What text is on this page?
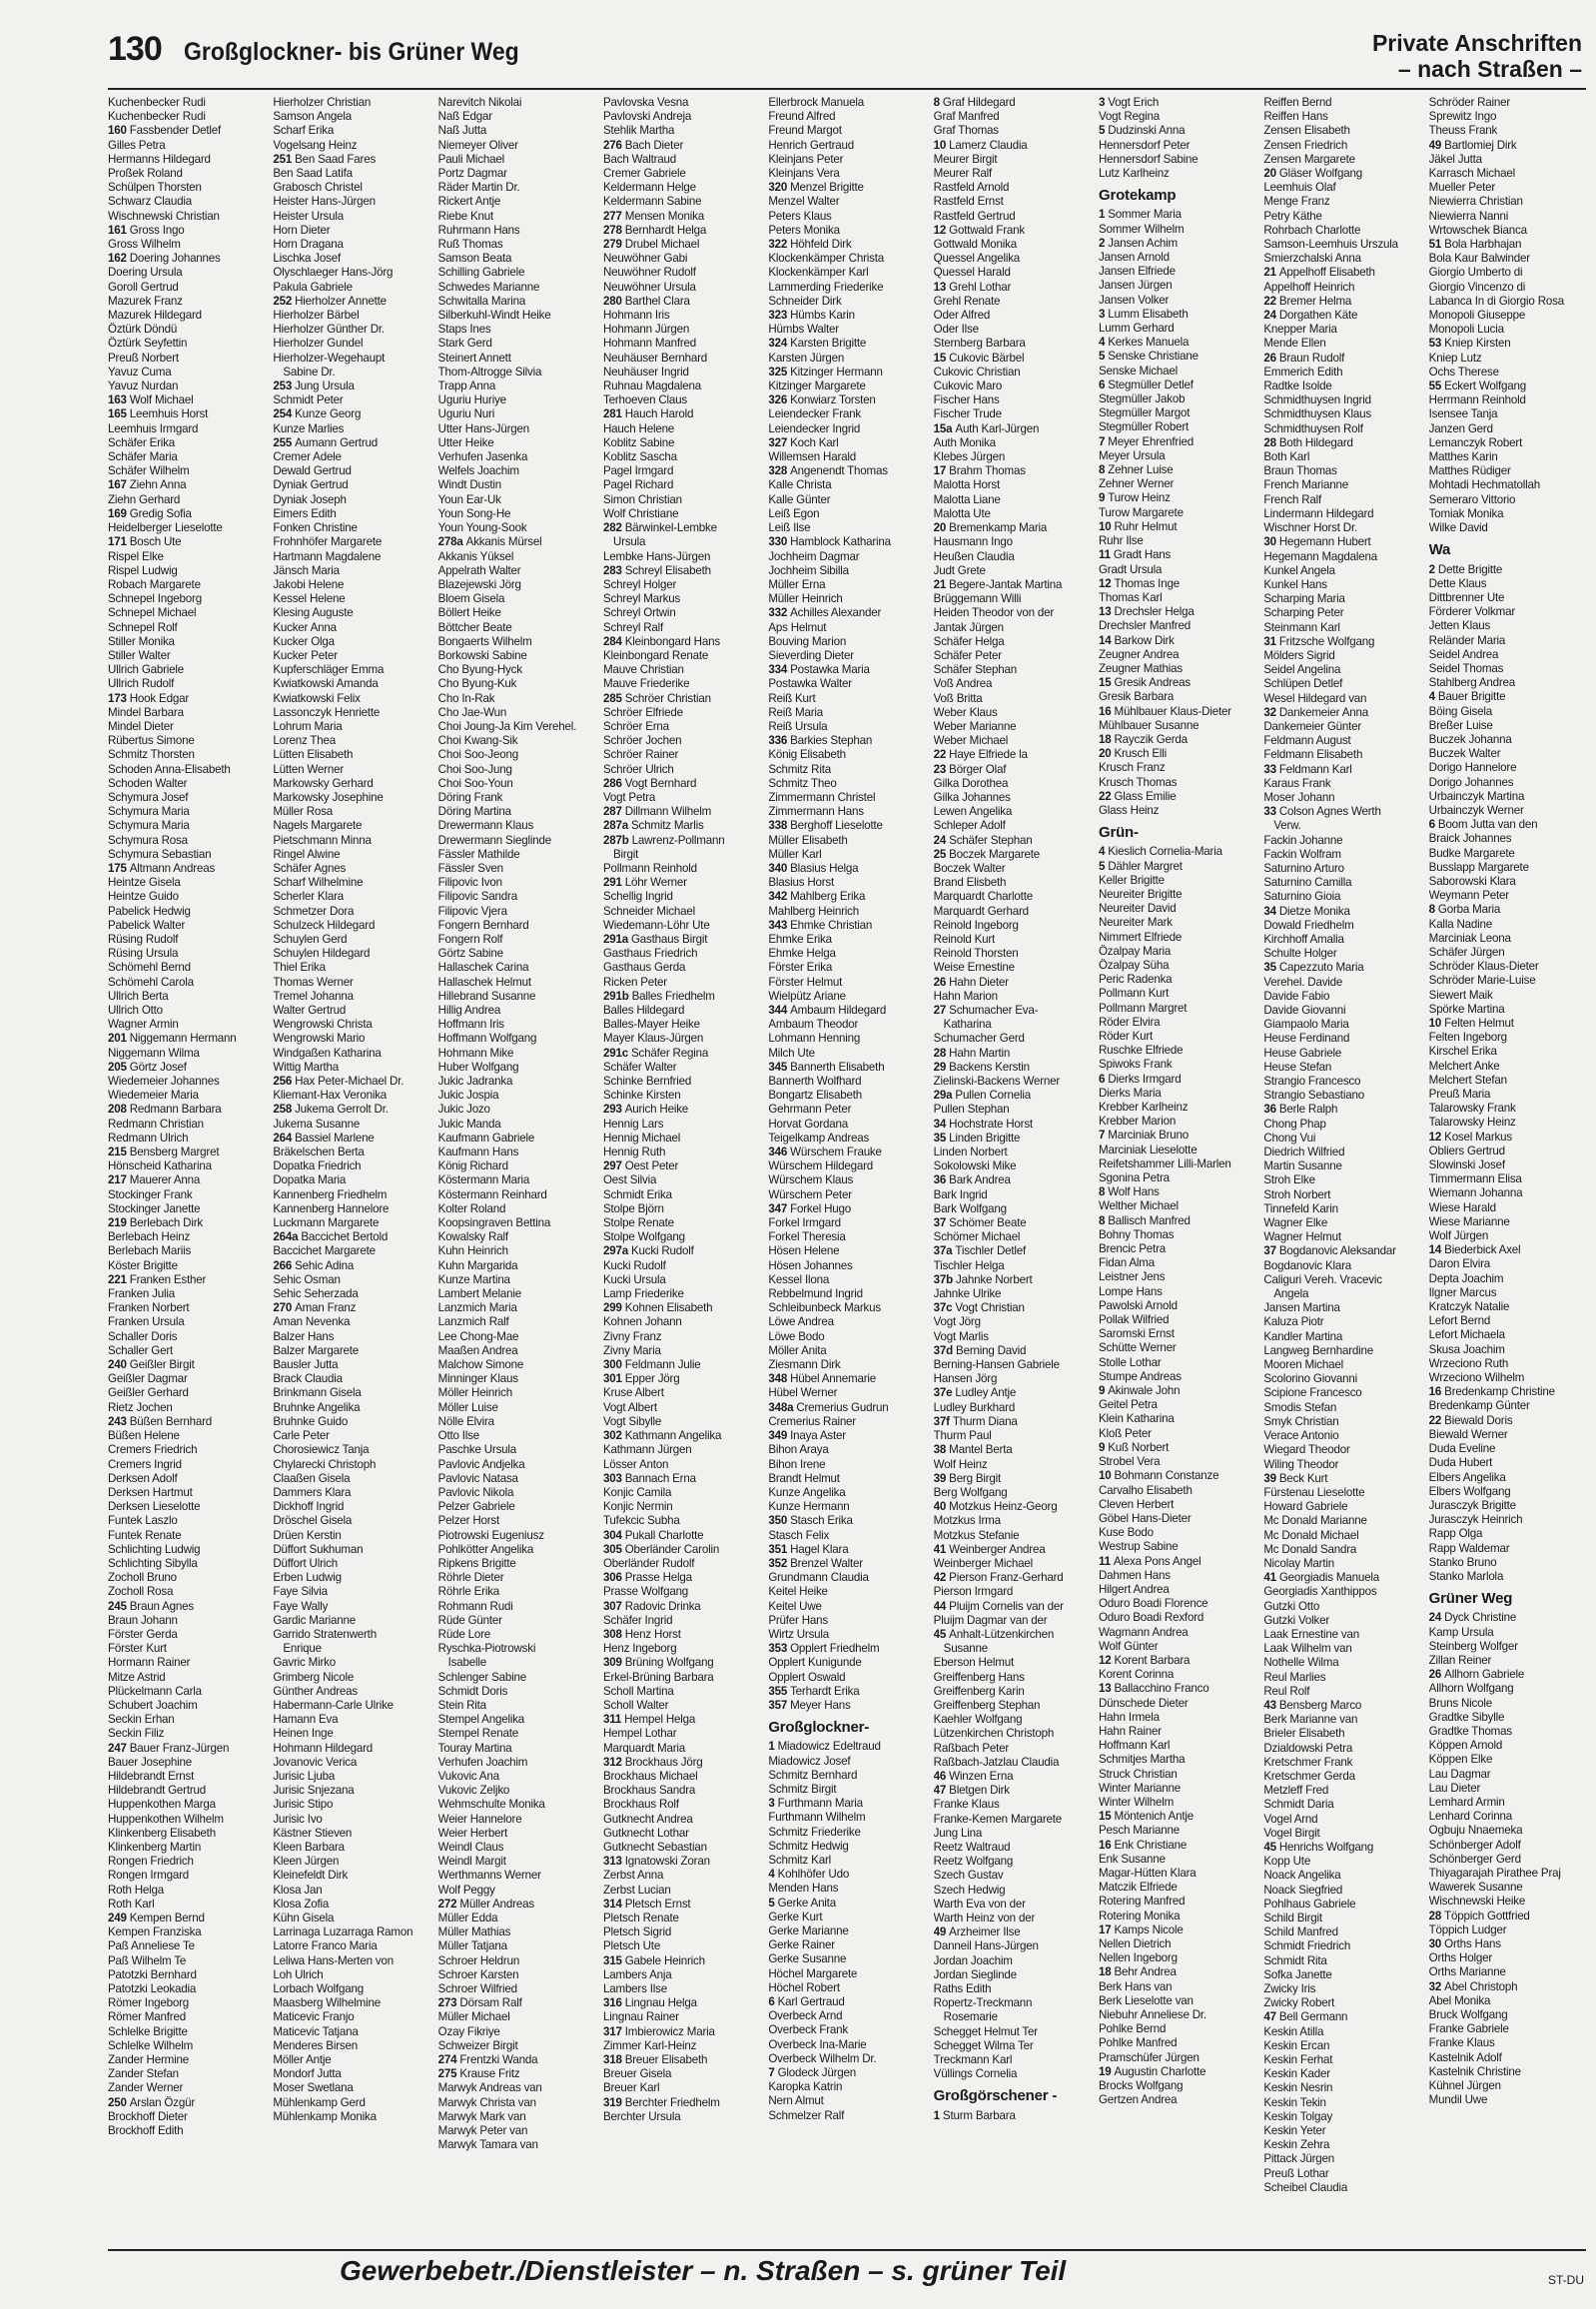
130 Großglockner- bis Grüner Weg	Private Anschriften
– nach Straßen –
Kuchenbecker Rudi
Kuchenbecker Rudi
160 Fassbender Detlef
Gilles Petra
Hermanns Hildegard
Proßek Roland
Schülpen Thorsten
Schwarz Claudia
Wischnewski Christian
161 Gross Ingo
Gross Wilhelm
162 Doering Johannes
Doering Ursula
Goroll Gertrud
Mazurek Franz
Mazurek Hildegard
Öztürk Döndü
Öztürk Seyfettin
Preuß Norbert
Yavuz Cuma
Yavuz Nurdan
163 Wolf Michael
165 Leemhuis Horst
Leemhuis Irmgard
Schäfer Erika
Schäfer Maria
Schäfer Wilhelm
167 Ziehn Anna
Ziehn Gerhard
169 Gredig Sofia
Heidelberger Lieselotte
171 Bosch Ute
Rispel Elke
Rispel Ludwig
Robach Margarete
Schnepel Ingeborg
Schnepel Michael
Schnepel Rolf
Stiller Monika
Stiller Walter
Ullrich Gabriele
Ullrich Rudolf
173 Hook Edgar
Mindel Barbara
Mindel Dieter
Rübertus Simone
Schmitz Thorsten
Schoden Anna-Elisabeth
Schoden Walter
Schymura Josef
Schymura Maria
Schymura Maria
Schymura Rosa
Schymura Sebastian
175 Altmann Andreas
Heintze Gisela
Heintze Guido
Pabelick Hedwig
Pabelick Walter
Rüsing Rudolf
Rüsing Ursula
Schömehl Bernd
Schömehl Carola
Ullrich Berta
Ullrich Otto
Wagner Armin
201 Niggemann Hermann
Niggemann Wilma
205 Görtz Josef
Wiedemeier Johannes
Wiedemeier Maria
208 Redmann Barbara
Redmann Christian
Redmann Ulrich
215 Bensberg Margret
Hönscheid Katharina
217 Mauerer Anna
Stockinger Frank
Stockinger Janette
219 Berlebach Dirk
Berlebach Heinz
Berlebach Mariis
Köster Brigitte
221 Franken Esther
Franken Julia
Franken Norbert
Franken Ursula
Schaller Doris
Schaller Gert
240 Geißler Birgit
Geißler Dagmar
Geißler Gerhard
Rietz Jochen
243 Büßen Bernhard
Büßen Helene
Cremers Friedrich
Cremers Ingrid
Derksen Adolf
Derksen Hartmut
Derksen Lieselotte
Funtek Laszlo
Funtek Renate
Schlichting Ludwig
Schlichting Sibylla
Zocholl Bruno
Zocholl Rosa
245 Braun Agnes
Braun Johann
Förster Gerda
Förster Kurt
Hormann Rainer
Mitze Astrid
Plückelmann Carla
Schubert Joachim
Seckin Erhan
Seckin Filiz
247 Bauer Franz-Jürgen
Bauer Josephine
Hildebrandt Ernst
Hildebrandt Gertrud
Huppenkothen Marga
Huppenkothen Wilhelm
Klinkenberg Elisabeth
Klinkenberg Martin
Rongen Friedrich
Rongen Irmgard
Roth Helga
Roth Karl
249 Kempen Bernd
Kempen Franziska
Paß Anneliese Te
Paß Wilhelm Te
Patotzki Bernhard
Patotzki Leokadia
Römer Ingeborg
Römer Manfred
Schlelke Brigitte
Schlelke Wilhelm
Zander Hermine
Zander Stefan
Zander Werner
250 Arslan Özgür
Brockhoff Dieter
Brockhoff Edith
Hierholzer Christian
Samson Angela
Scharf Erika
Vogelsang Heinz
251 Ben Saad Fares
Ben Saad Latifa
Grabosch Christel
Heister Hans-Jürgen
Heister Ursula
Horn Dieter
Horn Dragana
Lischka Josef
Olyschlaeger Hans-Jörg
Pakula Gabriele
252 Hierholzer Annette
Hierholzer Bärbel
Hierholzer Günther Dr.
Hierholzer Gundel
Hierholzer-Wegehaupt
Sabine Dr.
253 Jung Ursula
Schmidt Peter
254 Kunze Georg
Kunze Marlies
255 Aumann Gertrud
Cremer Adele
Dewald Gertrud
Dyniak Gertrud
Dyniak Joseph
Eimers Edith
Fonken Christine
Frohnhöfer Margarete
Hartmann Magdalene
Jänsch Maria
Jakobi Helene
Kessel Helene
Klesing Auguste
Kucker Anna
Kucker Olga
Kucker Peter
Kupferschläger Emma
Kwiatkowski Amanda
Kwiatkowski Felix
Lassonczyk Henriette
Lohrum Maria
Lorenz Thea
Lütten Elisabeth
Lütten Werner
Markowsky Gerhard
Markowsky Josephine
Müller Rosa
Nagels Margarete
Pietschmann Minna
Ringel Alwine
Schäfer Agnes
Scharf Wilhelmine
Scherler Klara
Schmetzer Dora
Schulzeck Hildegard
Schuylen Gerd
Schuylen Hildegard
Thiel Erika
Thomas Werner
Tremel Johanna
Walter Gertrud
Wengrowski Christa
Wengrowski Mario
Windgaßen Katharina
Wittig Martha
256 Hax Peter-Michael Dr.
Kliemant-Hax Veronika
258 Jukema Gerrolt Dr.
Jukema Susanne
264 Bassiel Marlene
Bräkelschen Berta
Dopatka Friedrich
Dopatka Maria
Kannenberg Friedhelm
Kannenberg Hannelore
Luckmann Margarete
264a Baccichet Bertold
Baccichet Margarete
266 Sehic Adina
Sehic Osman
Sehic Seherzada
270 Aman Franz
Aman Nevenka
Balzer Hans
Balzer Margarete
Bausler Jutta
Brack Claudia
Brinkmann Gisela
Bruhnke Angelika
Bruhnke Guido
Carle Peter
Chorosiewicz Tanja
Chylarecki Christoph
Claaßen Gisela
Dammers Klara
Dickhoff Ingrid
Dröschel Gisela
Drüen Kerstin
Düffort Sukhuman
Düffort Ulrich
Erben Ludwig
Faye Silvia
Faye Wally
Gardic Marianne
Garrido Stratenwerth
Enrique
Gavric Mirko
Grimberg Nicole
Günther Andreas
Habermann-Carle Ulrike
Hamann Eva
Heinen Inge
Hohmann Hildegard
Jovanovic Verica
Jurisic Ljuba
Jurisic Snjezana
Jurisic Stipo
Jurisic Ivo
Kästner Stieven
Kleen Barbara
Kleen Jürgen
Kleinefeldt Dirk
Klosa Jan
Klosa Zofia
Kühn Gisela
Larrinaga Luzarraga Ramon
Latorre Franco Maria
Leliwa Hans-Merten von
Loh Ulrich
Lorbach Wolfgang
Maasberg Wilhelmine
Maticevic Franjo
Maticevic Tatjana
Menderes Birsen
Möller Antje
Mondorf Jutta
Moser Swetlana
Mühlenkamp Gerd
Mühlenkamp Monika
Narevitch Nikolai
Naß Edgar
Naß Jutta
Niemeyer Oliver
Pauli Michael
Portz Dagmar
Räder Martin Dr.
Rickert Antje
Riebe Knut
Ruhrmann Hans
Ruß Thomas
Samson Beata
Schilling Gabriele
Schwedes Marianne
Schwitalla Marina
Silberkuhl-Windt Heike
Staps Ines
Stark Gerd
Steinert Annett
Thom-Altrogge Silvia
Trapp Anna
Uguriu Huriye
Uguriu Nuri
Utter Hans-Jürgen
Utter Heike
Verhufen Jasenka
Welfels Joachim
Windt Dustin
Youn Ear-Uk
Youn Song-He
Youn Young-Sook
278a Akkanis Mürsel
Akkanis Yüksel
Appelrath Walter
Blazejewski Jörg
Bloem Gisela
Böllert Heike
Böttcher Beate
Bongaerts Wilhelm
Borkowski Sabine
Cho Byung-Hyck
Cho Byung-Kuk
Cho In-Rak
Cho Jae-Wun
Choi Joung-Ja Kim Verehel.
Choi Kwang-Sik
Choi Soo-Jeong
Choi Soo-Jung
Choi Soo-Youn
Döring Frank
Döring Martina
Drewermann Klaus
Drewermann Sieglinde
Fässler Mathilde
Fässler Sven
Filipovic Ivon
Filipovic Sandra
Filipovic Vjera
Fongern Bernhard
Fongern Rolf
Görtz Sabine
Hallaschek Carina
Hallaschek Helmut
Hillebrand Susanne
Hillig Andrea
Hoffmann Iris
Hoffmann Wolfgang
Hohmann Mike
Huber Wolfgang
Jukic Jadranka
Jukic Jospia
Jukic Jozo
Jukic Manda
Kaufmann Gabriele
Kaufmann Hans
König Richard
Köstermann Maria
Köstermann Reinhard
Kolter Roland
Koopsingraven Bettina
Kowalsky Ralf
Kuhn Heinrich
Kuhn Margarida
Kunze Martina
Lambert Melanie
Lanzmich Maria
Lanzmich Ralf
Lee Chong-Mae
Maaßen Andrea
Malchow Simone
Minninger Klaus
Möller Heinrich
Möller Luise
Nölle Elvira
Otto Ilse
Paschke Ursula
Pavlovic Andjelka
Pavlovic Natasa
Pavlovic Nikola
Pelzer Gabriele
Pelzer Horst
Piotrowski Eugeniusz
Pohlkötter Angelika
Ripkens Brigitte
Röhrle Dieter
Röhrle Erika
Rohmann Rudi
Rüde Günter
Rüde Lore
Ryschka-Piotrowski
Isabelle
Schlenger Sabine
Schmidt Doris
Stein Rita
Stempel Angelika
Stempel Renate
Touray Martina
Verhufen Joachim
Vukovic Ana
Vukovic Zeljko
Wehmschulte Monika
Weier Hannelore
Weier Herbert
Weindl Claus
Weindl Margit
Werthmanns Werner
Wolf Peggy
272 Müller Andreas
Müller Edda
Müller Mathias
Müller Tatjana
Schroer Heldrun
Schroer Karsten
Schroer Wilfried
273 Dörsam Ralf
Müller Michael
Ozay Fikriye
Schweizer Birgit
274 Frentzki Wanda
275 Krause Fritz
Marwyk Andreas van
Marwyk Christa van
Marwyk Mark van
Marwyk Peter van
Marwyk Tamara van
Pavlovska Vesna
Pavlovski Andreja
Stehlik Martha
276 Bach Dieter
Bach Waltraud
Cremer Gabriele
Keldermann Helge
Keldermann Sabine
277 Mensen Monika
278 Bernhardt Helga
279 Drubel Michael
Neuwöhner Gabi
Neuwöhner Rudolf
Neuwöhner Ursula
280 Barthel Clara
Hohmann Iris
Hohmann Jürgen
Hohmann Manfred
Neuhäuser Bernhard
Neuhäuser Ingrid
Ruhnau Magdalena
Terhoeven Claus
281 Hauch Harold
Hauch Helene
Koblitz Sabine
Koblitz Sascha
Pagel Irmgard
Pagel Richard
Simon Christian
Wolf Christiane
282 Bärwinkel-Lembke
Ursula
Lembke Hans-Jürgen
283 Schreyl Elisabeth
Schreyl Holger
Schreyl Markus
Schreyl Ortwin
Schreyl Ralf
284 Kleinbongard Hans
Kleinbongard Renate
Mauve Christian
Mauve Friederike
285 Schröer Christian
Schröer Elfriede
Schröer Erna
Schröer Jochen
Schröer Rainer
Schröer Ulrich
286 Vogt Bernhard
Vogt Petra
287 Dillmann Wilhelm
287a Schmitz Marlis
287b Lawrenz-Pollmann
Birgit
Pollmann Reinhold
291 Löhr Werner
Schellig Ingrid
Schneider Michael
Wiedemann-Löhr Ute
291a Gasthaus Birgit
Gasthaus Friedrich
Gasthaus Gerda
Ricken Peter
291b Balles Friedhelm
Balles Hildegard
Balles-Mayer Heike
Mayer Klaus-Jürgen
291c Schäfer Regina
Schäfer Walter
Schinke Bernfried
Schinke Kirsten
293 Aurich Heike
Hennig Lars
Hennig Michael
Hennig Ruth
297 Oest Peter
Oest Silvia
Schmidt Erika
Stolpe Björn
Stolpe Renate
Stolpe Wolfgang
297a Kucki Rudolf
Kucki Rudolf
Kucki Ursula
Lamp Friederike
299 Kohnen Elisabeth
Kohnen Johann
Zivny Franz
Zivny Maria
300 Feldmann Julie
301 Epper Jörg
Kruse Albert
Vogt Albert
Vogt Sibylle
302 Kathmann Angelika
Kathmann Jürgen
Lösser Anton
303 Bannach Erna
Konjic Camila
Konjic Nermin
Tufekcic Subha
304 Pukall Charlotte
305 Oberländer Carolin
Oberländer Rudolf
306 Prasse Helga
Prasse Wolfgang
307 Radovic Drinka
Schäfer Ingrid
308 Henz Horst
Henz Ingeborg
309 Brüning Wolfgang
Erkel-Brüning Barbara
Scholl Martina
Scholl Walter
311 Hempel Helga
Hempel Lothar
Marquardt Maria
312 Brockhaus Jörg
Brockhaus Michael
Brockhaus Sandra
Brockhaus Rolf
Gutknecht Andrea
Gutknecht Lothar
Gutknecht Sebastian
313 Ignatowski Zoran
Zerbst Anna
Zerbst Lucian
314 Pletsch Ernst
Pletsch Renate
Pletsch Sigrid
Pletsch Ute
315 Gabele Heinrich
Lambers Anja
Lambers Ilse
316 Lingnau Helga
Lingnau Rainer
317 Imbierowicz Maria
Zimmer Karl-Heinz
318 Breuer Elisabeth
Breuer Gisela
Breuer Karl
319 Berchter Friedhelm
Berchter Ursula
Ellerbrock Manuela
Freund Alfred
Freund Margot
Henrich Gertraud
Kleinjans Peter
Kleinjans Vera
320 Menzel Brigitte
Menzel Walter
Peters Klaus
Peters Monika
322 Höhfeld Dirk
Klockenkämper Christa
Klockenkämper Karl
Lammerding Friederike
Schneider Dirk
323 Hümbs Karin
Hümbs Walter
324 Karsten Brigitte
Karsten Jürgen
325 Kitzinger Hermann
Kitzinger Margarete
326 Konwiarz Torsten
Leiendecker Frank
Leiendecker Ingrid
327 Koch Karl
Willemsen Harald
328 Angenendt Thomas
Kalle Christa
Kalle Günter
Leiß Egon
Leiß Ilse
330 Hamblock Katharina
Jochheim Dagmar
Jochheim Sibilla
Müller Erna
Müller Heinrich
332 Achilles Alexander
Aps Helmut
Bouving Marion
Sieverding Dieter
334 Postawka Maria
Postawka Walter
Reiß Kurt
Reiß Maria
Reiß Ursula
336 Barkies Stephan
König Elisabeth
Schmitz Rita
Schmitz Theo
Zimmermann Christel
Zimmermann Hans
338 Berghoff Lieselotte
Müller Elisabeth
Müller Karl
340 Blasius Helga
Blasius Horst
342 Mahlberg Erika
Mahlberg Heinrich
343 Ehmke Christian
Ehmke Erika
Ehmke Helga
Förster Erika
Förster Helmut
Wielpütz Ariane
344 Ambaum Hildegard
Ambaum Theodor
Lohmann Henning
Milch Ute
345 Bannerth Elisabeth
Bannerth Wolfhard
Bongartz Elisabeth
Gehrmann Peter
Horvat Gordana
Teigelkamp Andreas
346 Würschem Frauke
Würschem Hildegard
Würschem Klaus
Würschem Peter
347 Forkel Hugo
Forkel Irmgard
Forkel Theresia
Hösen Helene
Hösen Johannes
Kessel Ilona
Rebbelmund Ingrid
Schleibunbeck Markus
Löwe Andrea
Löwe Bodo
Möller Anita
Ziesmann Dirk
348 Hübel Annemarie
Hübel Werner
348a Cremerius Gudrun
Cremerius Rainer
349 Inaya Aster
Bihon Araya
Bihon Irene
Brandt Helmut
Kunze Angelika
Kunze Hermann
350 Stasch Erika
Stasch Felix
351 Hagel Klara
352 Brenzel Walter
Grundmann Claudia
Keitel Heike
Keitel Uwe
Prüfer Hans
Wirtz Ursula
353 Opplert Friedhelm
Opplert Kunigunde
Opplert Oswald
355 Terhardt Erika
357 Meyer Hans
Großglockner-
1 Miadowicz Edeltraud
Miadowicz Josef
Schmitz Bernhard
Schmitz Birgit
3 Furthmann Maria
Furthmann Wilhelm
Schmitz Friederike
Schmitz Hedwig
Schmitz Karl
4 Kohlhöfer Udo
Menden Hans
5 Gerke Anita
Gerke Kurt
Gerke Marianne
Gerke Rainer
Gerke Susanne
Höchel Margarete
Höchel Robert
6 Karl Gertraud
Overbeck Arnd
Overbeck Frank
Overbeck Ina-Marie
Overbeck Wilhelm Dr.
7 Glodeck Jürgen
Karopka Katrin
Nern Almut
Schmelzer Ralf
8 Graf Hildegard
Graf Manfred
Graf Thomas
10 Lamerz Claudia
Meurer Birgit
Meurer Ralf
Rastfeld Arnold
Rastfeld Ernst
Rastfeld Gertrud
12 Gottwald Frank
Gottwald Monika
Quessel Angelika
Quessel Harald
13 Grehl Lothar
Grehl Renate
Oder Alfred
Oder Ilse
Sternberg Barbara
15 Cukovic Bärbel
Cukovic Christian
Cukovic Maro
Fischer Hans
Fischer Trude
15a Auth Karl-Jürgen
Auth Monika
Klebes Jürgen
17 Brahm Thomas
Malotta Horst
Malotta Liane
Malotta Ute
20 Bremenkamp Maria
Hausmann Ingo
Heußen Claudia
Judt Grete
21 Begere-Jantak Martina
Brüggemann Willi
Heiden Theodor von der
Jantak Jürgen
Schäfer Helga
Schäfer Peter
Schäfer Stephan
Voß Andrea
Voß Britta
Weber Klaus
Weber Marianne
Weber Michael
22 Haye Elfriede la
23 Börger Olaf
Gilka Dorothea
Gilka Johannes
Lewen Angelika
Schleper Adolf
24 Schäfer Stephan
25 Boczek Margarete
Boczek Walter
Brand Elisbeth
Marquardt Charlotte
Marquardt Gerhard
Reinold Ingeborg
Reinold Kurt
Reinold Thorsten
Weise Ernestine
26 Hahn Dieter
Hahn Marion
27 Schumacher Eva-
Katharina
Schumacher Gerd
28 Hahn Martin
29 Backens Kerstin
Zielinski-Backens Werner
29a Pullen Cornelia
Pullen Stephan
34 Hochstrate Horst
35 Linden Brigitte
Linden Norbert
Sokolowski Mike
36 Bark Andrea
Bark Ingrid
Bark Wolfgang
37 Schömer Beate
Schömer Michael
37a Tischler Detlef
Tischler Helga
37b Jahnke Norbert
Jahnke Ulrike
37c Vogt Christian
Vogt Jörg
Vogt Marlis
37d Berning David
Berning-Hansen Gabriele
Hansen Jörg
37e Ludley Antje
Ludley Burkhard
37f Thurm Diana
Thurm Paul
38 Mantel Berta
Wolf Heinz
39 Berg Birgit
Berg Wolfgang
40 Motzkus Heinz-Georg
Motzkus Irma
Motzkus Stefanie
41 Weinberger Andrea
Weinberger Michael
42 Pierson Franz-Gerhard
Pierson Irmgard
44 Pluijm Cornelis van der
Pluijm Dagmar van der
45 Anhalt-Lützenkirchen
Susanne
Eberson Helmut
Greiffenberg Hans
Greiffenberg Karin
Greiffenberg Stephan
Kaehler Wolfgang
Lützenkirchen Christoph
Raßbach Peter
Raßbach-Jatzlau Claudia
46 Winzen Erna
47 Bletgen Dirk
Franke Klaus
Franke-Kemen Margarete
Jung Lina
Reetz Waltraud
Reetz Wolfgang
Szech Gustav
Szech Hedwig
Warth Eva von der
Warth Heinz von der
49 Arzheimer Ilse
Danneil Hans-Jürgen
Jordan Joachim
Jordan Sieglinde
Raths Edith
Ropertz-Treckmann
Rosemarie
Schegget Helmut Ter
Schegget Wilma Ter
Treckmann Karl
Vüllings Cornelia
Großgörschener -
1 Sturm Barbara
3 Vogt Erich
Vogt Regina
5 Dudzinski Anna
Hennersdorf Peter
Hennersdorf Sabine
Lutz Karlheinz
Grotekamp
1 Sommer Maria
Sommer Wilhelm
2 Jansen Achim
Jansen Arnold
Jansen Elfriede
Jansen Jürgen
Jansen Volker
3 Lumm Elisabeth
Lumm Gerhard
4 Kerkes Manuela
5 Senske Christiane
Senske Michael
6 Stegmüller Detlef
Stegmüller Jakob
Stegmüller Margot
Stegmüller Robert
7 Meyer Ehrenfried
Meyer Ursula
8 Zehner Luise
Zehner Werner
9 Turow Heinz
Turow Margarete
10 Ruhr Helmut
Ruhr Ilse
11 Gradt Hans
Gradt Ursula
12 Thomas Inge
Thomas Karl
13 Drechsler Helga
Drechsler Manfred
14 Barkow Dirk
Zeugner Andrea
Zeugner Mathias
15 Gresik Andreas
Gresik Barbara
16 Mühlbauer Klaus-Dieter
Mühlbauer Susanne
18 Rayczik Gerda
20 Krusch Elli
Krusch Franz
Krusch Thomas
22 Glass Emilie
Glass Heinz
Grün-
4 Kieslich Cornelia-Maria
5 Dähler Margret
Keller Brigitte
Neureiter Brigitte
Neureiter David
Neureiter Mark
Nimmert Elfriede
Özalpay Maria
Özalpay Süha
Peric Radenka
Pollmann Kurt
Pollmann Margret
Röder Elvira
Röder Kurt
Ruschke Elfriede
Spiwoks Frank
6 Dierks Irmgard
Dierks Maria
Krebber Karlheinz
Krebber Marion
7 Marciniak Bruno
Marciniak Lieselotte
Reifetshammer Lilli-Marlen
Sgonina Petra
8 Wolf Hans
Welther Michael
8 Ballisch Manfred
Bohny Thomas
Brencic Petra
Fidan Alma
Leistner Jens
Lompe Hans
Pawolski Arnold
Pollak Wilfried
Saromski Ernst
Schütte Werner
Stolle Lothar
Stumpe Andreas
9 Akinwale John
Geitel Petra
Klein Katharina
Kloß Peter
9 Kuß Norbert
Strobel Vera
10 Bohmann Constanze
Carvalho Elisabeth
Cleven Herbert
Göbel Hans-Dieter
Kuse Bodo
Westrup Sabine
11 Alexa Pons Angel
Dahmen Hans
Hilgert Andrea
Oduro Boadi Florence
Oduro Boadi Rexford
Wagmann Andrea
Wolf Günter
12 Korent Barbara
Korent Corinna
13 Ballacchino Franco
Dünschede Dieter
Hahn Irmela
Hahn Rainer
Hoffmann Karl
Schmitjes Martha
Struck Christian
Winter Marianne
Winter Wilhelm
15 Möntenich Antje
Pesch Marianne
16 Enk Christiane
Enk Susanne
Magar-Hütten Klara
Matczik Elfriede
Rotering Manfred
Rotering Monika
17 Kamps Nicole
Nellen Dietrich
Nellen Ingeborg
18 Behr Andrea
Berk Hans van
Berk Lieselotte van
Niebuhr Anneliese Dr.
Pohlke Bernd
Pohlke Manfred
Pramschüfer Jürgen
19 Augustin Charlotte
Brocks Wolfgang
Gertzen Andrea
Reiffen Bernd
Reiffen Hans
Zensen Elisabeth
Zensen Friedrich
Zensen Margarete
20 Gläser Wolfgang
Leemhuis Olaf
Menge Franz
Petry Käthe
Rohrbach Charlotte
Samson-Leemhuis Urszula
Smierzchalski Anna
21 Appelhoff Elisabeth
Appelhoff Heinrich
22 Bremer Helma
24 Dorgathen Käte
Knepper Maria
Mende Ellen
26 Braun Rudolf
Emmerich Edith
Radtke Isolde
Schmidthuysen Ingrid
Schmidthuysen Klaus
Schmidthuysen Rolf
28 Both Hildegard
Both Karl
Braun Thomas
French Marianne
French Ralf
Lindermann Hildegard
Wischner Horst Dr.
30 Hegemann Hubert
Hegemann Magdalena
Kunkel Angela
Kunkel Hans
Scharping Maria
Scharping Peter
Steinmann Karl
31 Fritzsche Wolfgang
Mölders Sigrid
Seidel Angelina
Schlüpen Detlef
Wesel Hildegard van
32 Dankemeier Anna
Dankemeier Günter
Feldmann August
Feldmann Elisabeth
33 Feldmann Karl
Karaus Frank
Moser Johann
33 Colson Agnes Werth
Verw.
Fackin Johanne
Fackin Wolfram
Saturnino Arturo
Saturnino Camilla
Saturnino Gioia
34 Dietze Monika
Dowald Friedhelm
Kirchhoff Amalia
Schulte Holger
35 Capezzuto Maria
Verehel. Davide
Davide Fabio
Davide Giovanni
Giampaolo Maria
Heuse Ferdinand
Heuse Gabriele
Heuse Stefan
Strangio Francesco
Strangio Sebastiano
36 Berle Ralph
Chong Phap
Chong Vui
Diedrich Wilfried
Martin Susanne
Stroh Elke
Stroh Norbert
Tinnefeld Karin
Wagner Elke
Wagner Helmut
37 Bogdanovic Aleksandar
Bogdanovic Klara
Caliguri Vereh. Vracevic
Angela
Jansen Martina
Kaluza Piotr
Kandler Martina
Langweg Bernhardine
Mooren Michael
Scolorino Giovanni
Scipione Francesco
Smodis Stefan
Smyk Christian
Verace Antonio
Wiegard Theodor
Wiling Theodor
39 Beck Kurt
Fürstenau Lieselotte
Howard Gabriele
Mc Donald Marianne
Mc Donald Michael
Mc Donald Sandra
Nicolay Martin
41 Georgiadis Manuela
Georgiadis Xanthippos
Gutzki Otto
Gutzki Volker
Laak Ernestine van
Laak Wilhelm van
Nothelle Wilma
Reul Marlies
Reul Rolf
43 Bensberg Marco
Berk Marianne van
Brieler Elisabeth
Dzialdowski Petra
Kretschmer Frank
Kretschmer Gerda
Metzleff Fred
Schmidt Daria
Vogel Arnd
Vogel Birgit
45 Henrichs Wolfgang
Kopp Ute
Noack Angelika
Noack Siegfried
Pohlhaus Gabriele
Schild Birgit
Schild Manfred
Schmidt Friedrich
Schmidt Rita
Sofka Janette
Zwicky Iris
Zwicky Robert
47 Bell Germann
Keskin Atilla
Keskin Ercan
Keskin Ferhat
Keskin Kader
Keskin Nesrin
Keskin Tekin
Keskin Tolgay
Keskin Yeter
Keskin Zehra
Pittack Jürgen
Preuß Lothar
Scheibel Claudia
Schröder Rainer
Sprewitz Ingo
Theuss Frank
49 Bartlomiej Dirk
Jäkel Jutta
Karrasch Michael
Mueller Peter
Niewierra Christian
Niewierra Nanni
Wrtowschek Bianca
51 Bola Harbhajan
Bola Kaur Balwinder
Giorgio Umberto di
Giorgio Vincenzo di
Labanca In di Giorgio Rosa
Monopoli Giuseppe
Monopoli Lucia
53 Kniep Kirsten
Kniep Lutz
Ochs Therese
55 Eckert Wolfgang
Herrmann Reinhold
Isensee Tanja
Janzen Gerd
Lemanczyk Robert
Matthes Karin
Matthes Rüdiger
Mohtadi Hechmatollah
Semeraro Vittorio
Tomiak Monika
Wilke David
Wa
2 Dette Brigitte
Dette Klaus
Dittbrenner Ute
Förderer Volkmar
Jetten Klaus
Reländer Maria
Seidel Andrea
Seidel Thomas
Stahlberg Andrea
4 Bauer Brigitte
Böing Gisela
Breßer Luise
Buczek Johanna
Buczek Walter
Dorigo Hannelore
Dorigo Johannes
Urbainczyk Martina
Urbainczyk Werner
6 Boom Jutta van den
Braick Johannes
Budke Margarete
Busslapp Margarete
Saborowski Klara
Weymann Peter
8 Gorba Maria
Kalla Nadine
Marciniak Leona
Schäfer Jürgen
Schröder Klaus-Dieter
Schröder Marie-Luise
Siewert Maik
Spörke Martina
10 Felten Helmut
Felten Ingeborg
Kirschel Erika
Melchert Anke
Melchert Stefan
Preuß Maria
Talarowsky Frank
Talarowsky Heinz
12 Kosel Markus
Obliers Gertrud
Slowinski Josef
Timmermann Elisa
Wiemann Johanna
Wiese Harald
Wiese Marianne
Wolf Jürgen
14 Biederbick Axel
Daron Elvira
Depta Joachim
Ilgner Marcus
Kratczyk Natalie
Lefort Bernd
Lefort Michaela
Skusa Joachim
Wrzeciono Ruth
Wrzeciono Wilhelm
16 Bredenkamp Christine
Bredenkamp Günter
22 Biewald Doris
Biewald Werner
Duda Eveline
Duda Hubert
Elbers Angelika
Elbers Wolfgang
Jurasczyk Brigitte
Jurasczyk Heinrich
Rapp Olga
Rapp Waldemar
Stanko Bruno
Stanko Marlola
Grüner Weg
24 Dyck Christine
Kamp Ursula
Steinberg Wolfger
Zillan Reiner
26 Allhorn Gabriele
Allhorn Wolfgang
Bruns Nicole
Gradtke Sibylle
Gradtke Thomas
Köppen Arnold
Köppen Elke
Lau Dagmar
Lau Dieter
Lemhard Armin
Lenhard Corinna
Ogbuju Nnaemeka
Schönberger Adolf
Schönberger Gerd
Thiyagarajah Pirathee Praj
Wawerek Susanne
Wischnewski Heike
28 Töppich Gottfried
Töppich Ludger
30 Orths Hans
Orths Holger
Orths Marianne
32 Abel Christoph
Abel Monika
Bruck Wolfgang
Franke Gabriele
Franke Klaus
Kastelnik Adolf
Kastelnik Christine
Kühnel Jürgen
Mundil Uwe
Gewerbebetr./Dienstleister – n. Straßen – s. grüner Teil	ST-DU
